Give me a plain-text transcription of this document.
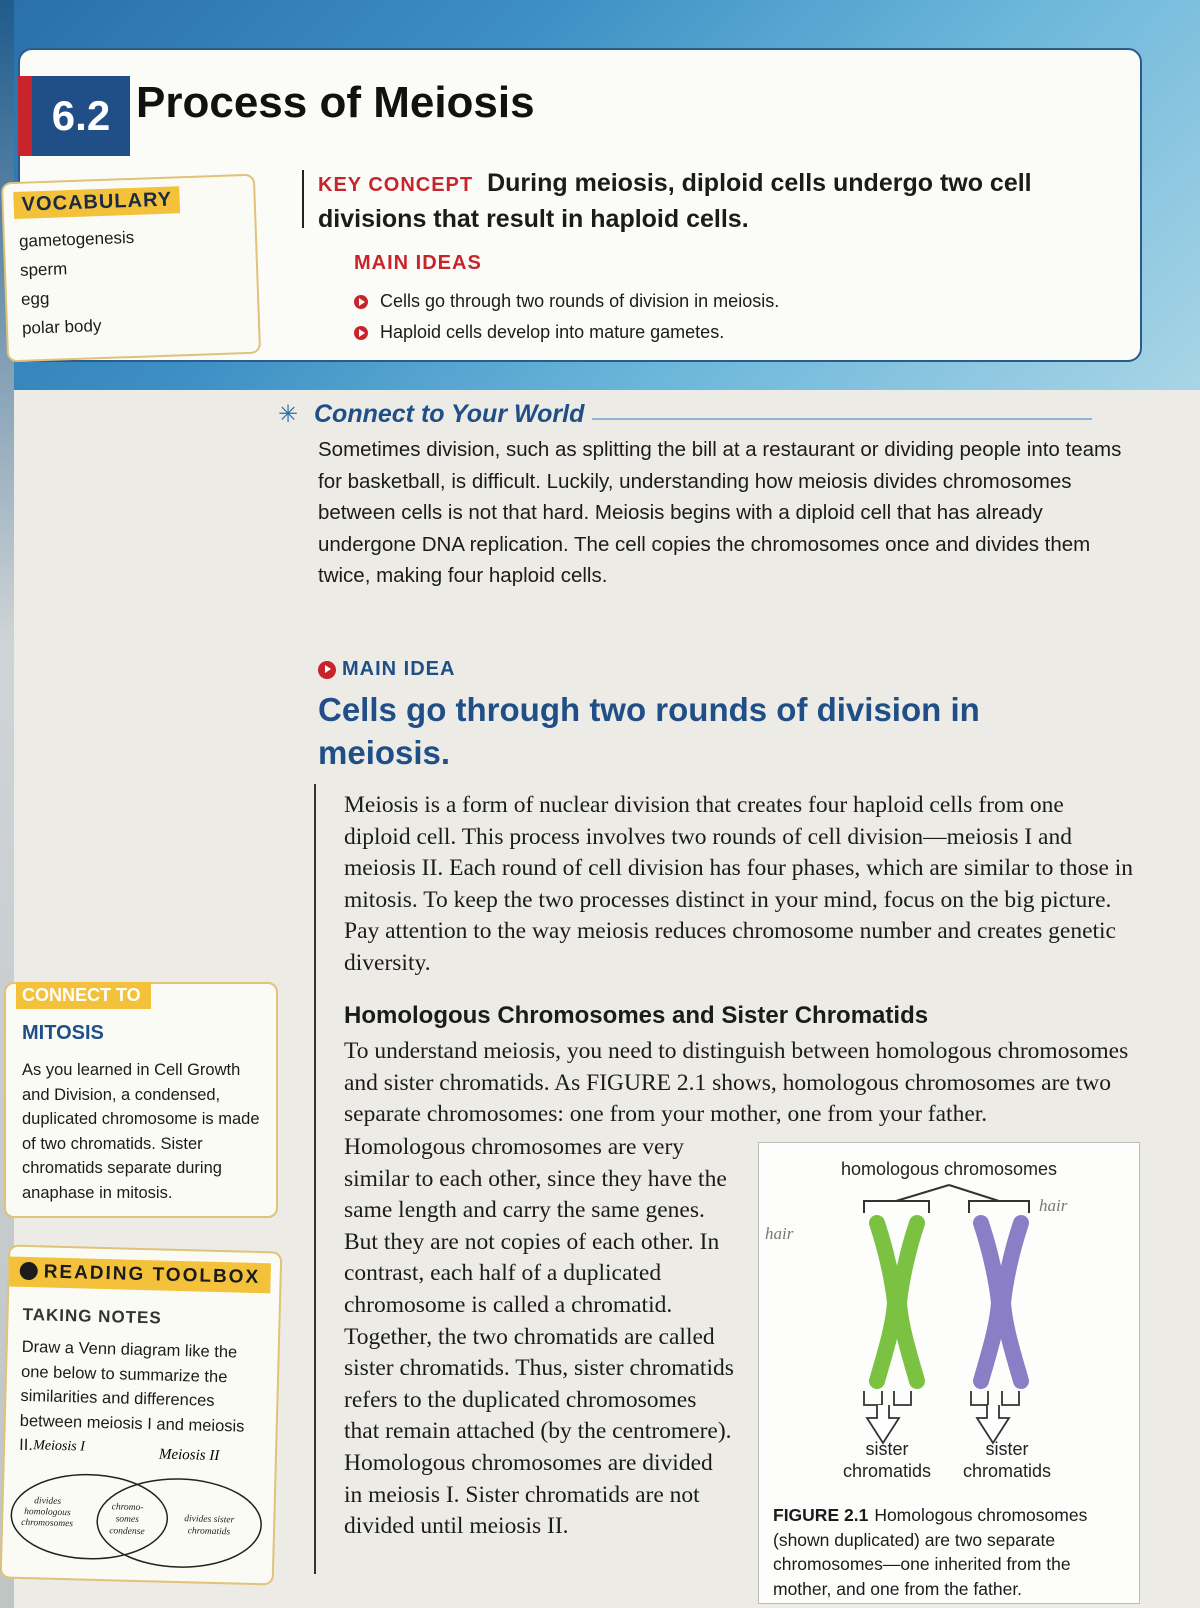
6.2 Process of Meiosis
VOCABULARY
gametogenesis
sperm
egg
polar body

KEY CONCEPT During meiosis, diploid cells undergo two cell divisions that result in haploid cells.

MAIN IDEAS
Cells go through two rounds of division in meiosis.
Haploid cells develop into mature gametes.
✳ Connect to Your World

Sometimes division, such as splitting the bill at a restaurant or dividing people into teams for basketball, is difficult. Luckily, understanding how meiosis divides chromosomes between cells is not that hard. Meiosis begins with a diploid cell that has already undergone DNA replication. The cell copies the chromosomes once and divides them twice, making four haploid cells.

MAIN IDEA
Cells go through two rounds of division in meiosis.

Meiosis is a form of nuclear division that creates four haploid cells from one diploid cell. This process involves two rounds of cell division—meiosis I and meiosis II. Each round of cell division has four phases, which are similar to those in mitosis. To keep the two processes distinct in your mind, focus on the big picture. Pay attention to the way meiosis reduces chromosome number and creates genetic diversity.

Homologous Chromosomes and Sister Chromatids

To understand meiosis, you need to distinguish between homologous chromosomes and sister chromatids. As FIGURE 2.1 shows, homologous chromosomes are two separate chromosomes: one from your mother, one from your father.

Homologous chromosomes are very similar to each other, since they have the same length and carry the same genes. But they are not copies of each other. In contrast, each half of a duplicated chromosome is called a chromatid. Together, the two chromatids are called sister chromatids. Thus, sister chromatids refers to the duplicated chromosomes that remain attached (by the centromere). Homologous chromosomes are divided in meiosis I. Sister chromatids are not divided until meiosis II.

CONNECT TO
MITOSIS

As you learned in Cell Growth and Division, a condensed, duplicated chromosome is made of two chromatids. Sister chromatids separate during anaphase in mitosis.

READING TOOLBOX
TAKING NOTES

Draw a Venn diagram like the one below to summarize the similarities and differences between meiosis I and meiosis II. Meiosis I
Meiosis II
divides
homologous
chromosomes
chromo-
somes
condense
divides sister
chromatids
homologous chromosomes
hair
hair
sister
chromatids
sister
chromatids

FIGURE 2.1 Homologous chromosomes (shown duplicated) are two separate chromosomes—one inherited from the mother, and one from the father.
